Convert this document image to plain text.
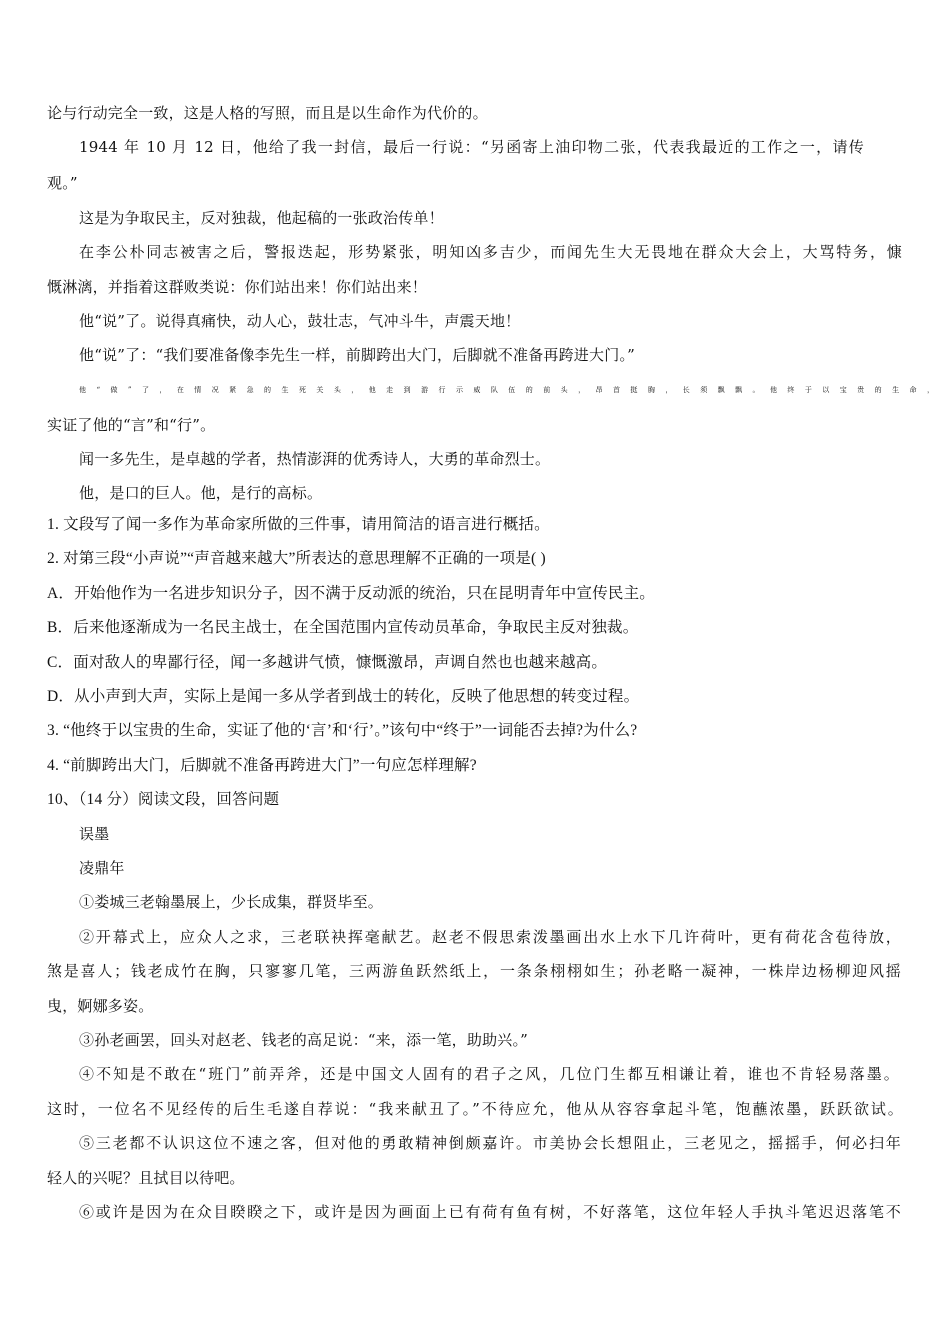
论与行动完全一致，这是人格的写照，而且是以生命作为代价的。
1944 年 10 月 12 日，他给了我一封信，最后一行说：“另函寄上油印物二张，代表我最近的工作之一，请传
观。”
这是为争取民主，反对独裁，他起稿的一张政治传单！
在李公朴同志被害之后，警报迭起，形势紧张，明知凶多吉少，而闻先生大无畏地在群众大会上，大骂特务，慷
慨淋漓，并指着这群败类说：你们站出来！你们站出来！
他“说”了。说得真痛快，动人心，鼓壮志，气冲斗牛，声震天地！
他“说”了：“我们要准备像李先生一样，前脚跨出大门，后脚就不准备再跨进大门。”
他“做”了，在情况紧急的生死关头，他走到游行示威队伍的前头，昂首挺胸，长须飘飘。他终于以宝贵的生命，
实证了他的“言”和“行”。
闻一多先生，是卓越的学者，热情澎湃的优秀诗人，大勇的革命烈士。
他，是口的巨人。他，是行的高标。
1. 文段写了闻一多作为革命家所做的三件事，请用简洁的语言进行概括。
2. 对第三段“小声说”“声音越来越大”所表达的意思理解不正确的一项是( )
A．开始他作为一名进步知识分子，因不满于反动派的统治，只在昆明青年中宣传民主。
B．后来他逐渐成为一名民主战士，在全国范围内宣传动员革命，争取民主反对独裁。
C．面对敌人的卑鄙行径，闻一多越讲气愤，慷慨激昂，声调自然也也越来越高。
D．从小声到大声，实际上是闻一多从学者到战士的转化，反映了他思想的转变过程。
3. “他终于以宝贵的生命，实证了他的‘言’和‘行’。”该句中“终于”一词能否去掉?为什么?
4. “前脚跨出大门，后脚就不准备再跨进大门”一句应怎样理解?
10、（14 分）阅读文段，回答问题
误墨
凌鼎年
①娄城三老翰墨展上，少长成集，群贤毕至。
②开幕式上，应众人之求，三老联袂挥毫献艺。赵老不假思索泼墨画出水上水下几许荷叶，更有荷花含苞待放，
煞是喜人；钱老成竹在胸，只寥寥几笔，三两游鱼跃然纸上，一条条栩栩如生；孙老略一凝神，一株岸边杨柳迎风摇
曳，婀娜多姿。
③孙老画罢，回头对赵老、钱老的高足说：“来，添一笔，助助兴。”
④不知是不敢在“班门”前弄斧，还是中国文人固有的君子之风，几位门生都互相谦让着，谁也不肯轻易落墨。
这时，一位名不见经传的后生毛遂自荐说：“我来献丑了。”不待应允，他从从容容拿起斗笔，饱蘸浓墨，跃跃欲试。
⑤三老都不认识这位不速之客，但对他的勇敢精神倒颇嘉许。市美协会长想阻止，三老见之，摇摇手，何必扫年
轻人的兴呢？且拭目以待吧。
⑥或许是因为在众目睽睽之下，或许是因为画面上已有荷有鱼有树，不好落笔，这位年轻人手执斗笔迟迟落笔不
